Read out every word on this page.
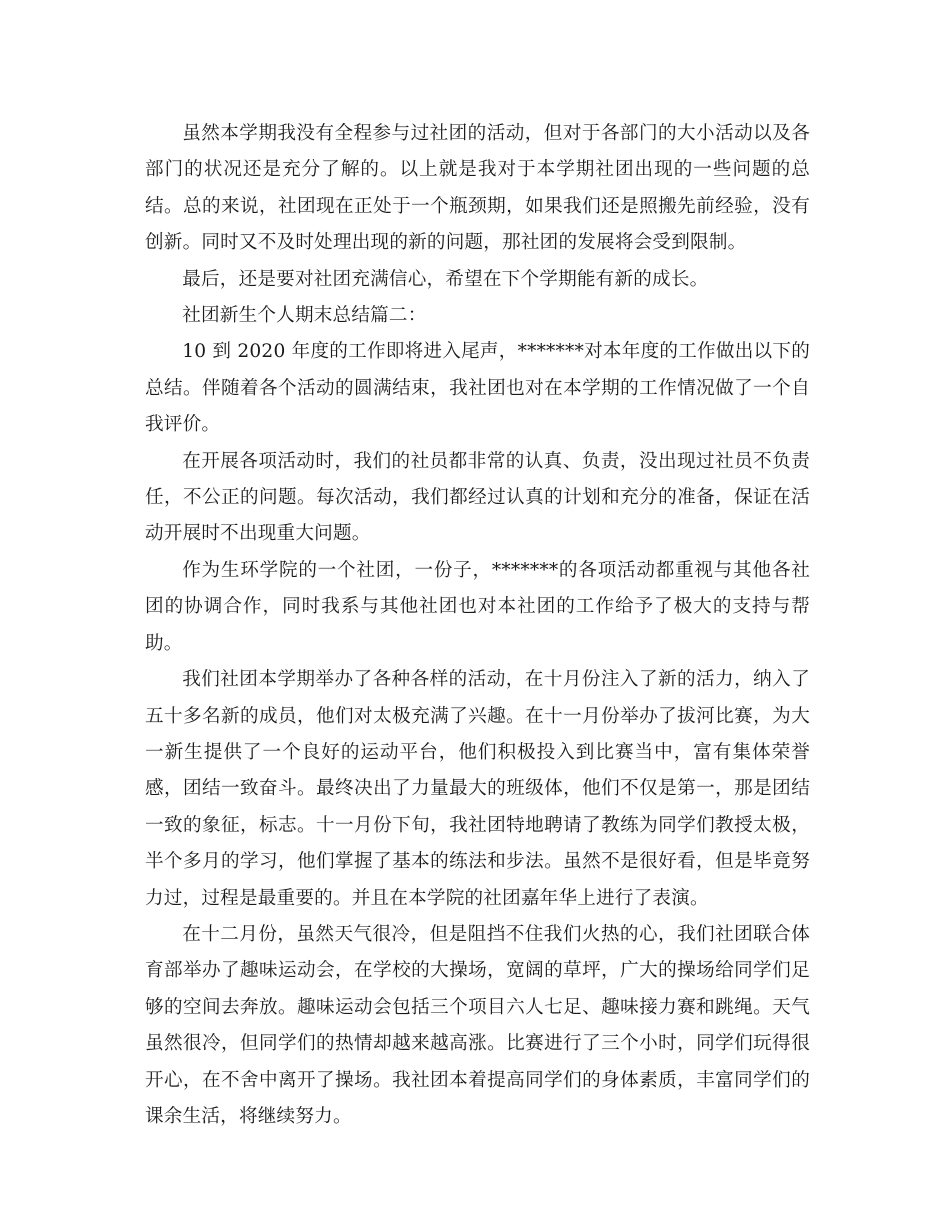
虽然本学期我没有全程参与过社团的活动，但对于各部门的大小活动以及各部门的状况还是充分了解的。以上就是我对于本学期社团出现的一些问题的总结。总的来说，社团现在正处于一个瓶颈期，如果我们还是照搬先前经验，没有创新。同时又不及时处理出现的新的问题，那社团的发展将会受到限制。

最后，还是要对社团充满信心，希望在下个学期能有新的成长。

社团新生个人期末总结篇二：

10 到 2020 年度的工作即将进入尾声，*******对本年度的工作做出以下的总结。伴随着各个活动的圆满结束，我社团也对在本学期的工作情况做了一个自我评价。

在开展各项活动时，我们的社员都非常的认真、负责，没出现过社员不负责任，不公正的问题。每次活动，我们都经过认真的计划和充分的准备，保证在活动开展时不出现重大问题。

作为生环学院的一个社团，一份子，*******的各项活动都重视与其他各社团的协调合作，同时我系与其他社团也对本社团的工作给予了极大的支持与帮助。

我们社团本学期举办了各种各样的活动，在十月份注入了新的活力，纳入了五十多名新的成员，他们对太极充满了兴趣。在十一月份举办了拔河比赛，为大一新生提供了一个良好的运动平台，他们积极投入到比赛当中，富有集体荣誉感，团结一致奋斗。最终决出了力量最大的班级体，他们不仅是第一，那是团结一致的象征，标志。十一月份下旬，我社团特地聘请了教练为同学们教授太极，半个多月的学习，他们掌握了基本的练法和步法。虽然不是很好看，但是毕竟努力过，过程是最重要的。并且在本学院的社团嘉年华上进行了表演。

在十二月份，虽然天气很冷，但是阻挡不住我们火热的心，我们社团联合体育部举办了趣味运动会，在学校的大操场，宽阔的草坪，广大的操场给同学们足够的空间去奔放。趣味运动会包括三个项目六人七足、趣味接力赛和跳绳。天气虽然很冷，但同学们的热情却越来越高涨。比赛进行了三个小时，同学们玩得很开心，在不舍中离开了操场。我社团本着提高同学们的身体素质，丰富同学们的课余生活，将继续努力。
